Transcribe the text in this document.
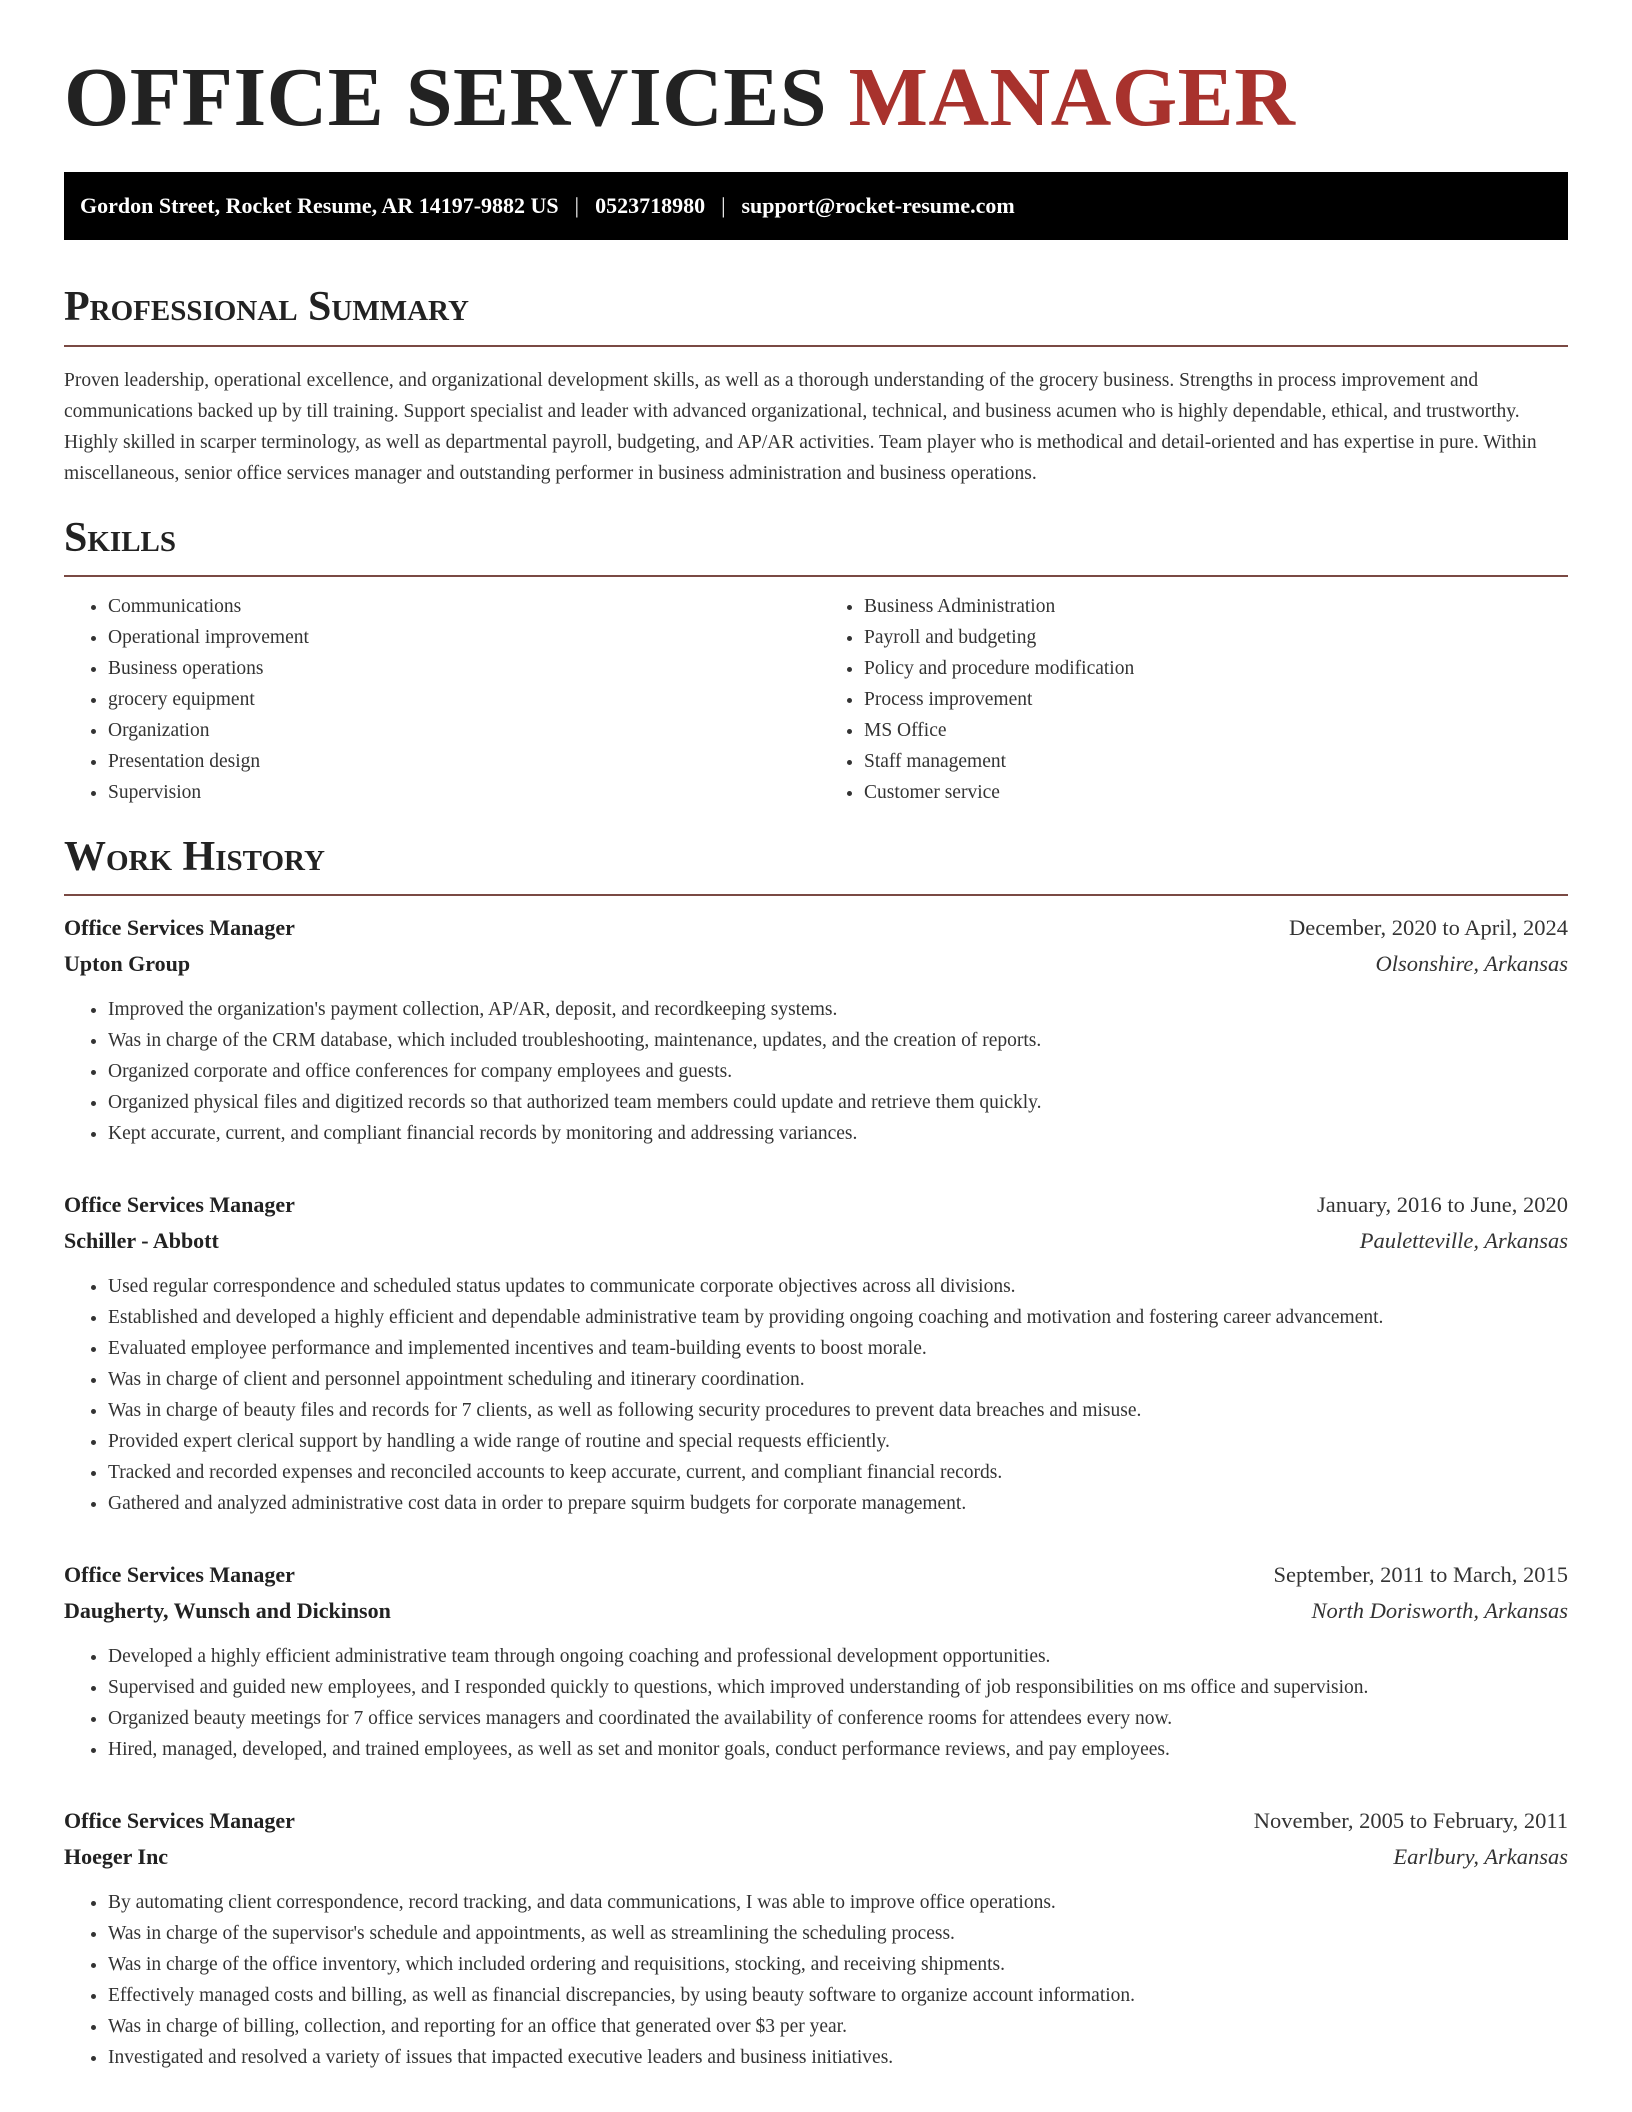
OFFICE SERVICES MANAGER
Gordon Street, Rocket Resume, AR 14197-9882 US | 0523718980 | support@rocket-resume.com
Professional Summary

Proven leadership, operational excellence, and organizational development skills, as well as a thorough understanding of the grocery business. Strengths in process improvement and communications backed up by till training. Support specialist and leader with advanced organizational, technical, and business acumen who is highly dependable, ethical, and trustworthy. Highly skilled in scarper terminology, as well as departmental payroll, budgeting, and AP/AR activities. Team player who is methodical and detail-oriented and has expertise in pure. Within miscellaneous, senior office services manager and outstanding performer in business administration and business operations.

Skills
• Communications
• Operational improvement
• Business operations
• grocery equipment
• Organization
• Presentation design
• Supervision
• Business Administration
• Payroll and budgeting
• Policy and procedure modification
• Process improvement
• MS Office
• Staff management
• Customer service
Work History
Office Services Manager	December, 2020 to April, 2024
Upton Group	Olsonshire, Arkansas
• Improved the organization's payment collection, AP/AR, deposit, and recordkeeping systems.
• Was in charge of the CRM database, which included troubleshooting, maintenance, updates, and the creation of reports.
• Organized corporate and office conferences for company employees and guests.
• Organized physical files and digitized records so that authorized team members could update and retrieve them quickly.
• Kept accurate, current, and compliant financial records by monitoring and addressing variances.
Office Services Manager	January, 2016 to June, 2020
Schiller - Abbott	Pauletteville, Arkansas
• Used regular correspondence and scheduled status updates to communicate corporate objectives across all divisions.
• Established and developed a highly efficient and dependable administrative team by providing ongoing coaching and motivation and fostering career advancement.
• Evaluated employee performance and implemented incentives and team-building events to boost morale.
• Was in charge of client and personnel appointment scheduling and itinerary coordination.
• Was in charge of beauty files and records for 7 clients, as well as following security procedures to prevent data breaches and misuse.
• Provided expert clerical support by handling a wide range of routine and special requests efficiently.
• Tracked and recorded expenses and reconciled accounts to keep accurate, current, and compliant financial records.
• Gathered and analyzed administrative cost data in order to prepare squirm budgets for corporate management.
Office Services Manager	September, 2011 to March, 2015
Daugherty, Wunsch and Dickinson	North Dorisworth, Arkansas
• Developed a highly efficient administrative team through ongoing coaching and professional development opportunities.
• Supervised and guided new employees, and I responded quickly to questions, which improved understanding of job responsibilities on ms office and supervision.
• Organized beauty meetings for 7 office services managers and coordinated the availability of conference rooms for attendees every now.
• Hired, managed, developed, and trained employees, as well as set and monitor goals, conduct performance reviews, and pay employees.
Office Services Manager	November, 2005 to February, 2011
Hoeger Inc	Earlbury, Arkansas
• By automating client correspondence, record tracking, and data communications, I was able to improve office operations.
• Was in charge of the supervisor's schedule and appointments, as well as streamlining the scheduling process.
• Was in charge of the office inventory, which included ordering and requisitions, stocking, and receiving shipments.
• Effectively managed costs and billing, as well as financial discrepancies, by using beauty software to organize account information.
• Was in charge of billing, collection, and reporting for an office that generated over $3 per year.
• Investigated and resolved a variety of issues that impacted executive leaders and business initiatives.
